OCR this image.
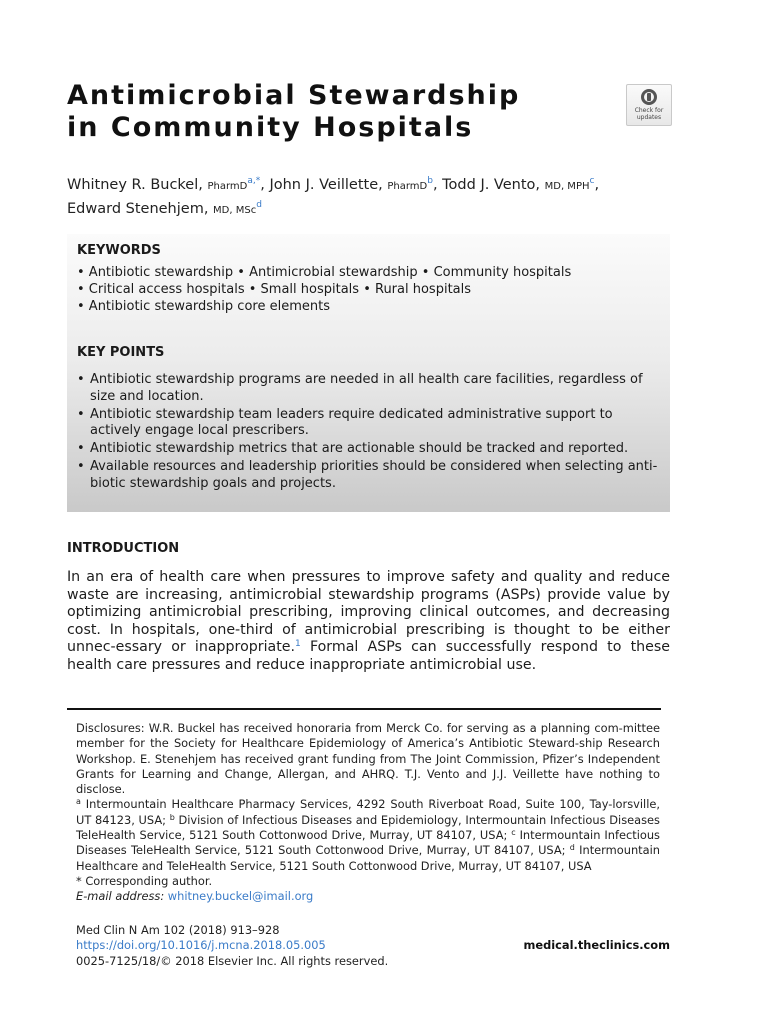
Antimicrobial Stewardship
in Community Hospitals
Check for
updates
Whitney R. Buckel, PharmD$^{a,*}$, John J. Veillette, PharmD$^b$, Todd J. Vento, MD, MPH$^c$,
Edward Stenehjem, MD, MSc$^d$
KEYWORDS
• Antibiotic stewardship • Antimicrobial stewardship • Community hospitals
• Critical access hospitals • Small hospitals • Rural hospitals
• Antibiotic stewardship core elements
KEY POINTS
• Antibiotic stewardship programs are needed in all health care facilities, regardless of size and location.
• Antibiotic stewardship team leaders require dedicated administrative support to actively engage local prescribers.
• Antibiotic stewardship metrics that are actionable should be tracked and reported.
• Available resources and leadership priorities should be considered when selecting anti-biotic stewardship goals and projects.
INTRODUCTION
In an era of health care when pressures to improve safety and quality and reduce waste are increasing, antimicrobial stewardship programs (ASPs) provide value by optimizing antimicrobial prescribing, improving clinical outcomes, and decreasing cost. In hospitals, one-third of antimicrobial prescribing is thought to be either unnec-essary or inappropriate.$^1$ Formal ASPs can successfully respond to these health care pressures and reduce inappropriate antimicrobial use.
Disclosures: W.R. Buckel has received honoraria from Merck Co. for serving as a planning com-mittee member for the Society for Healthcare Epidemiology of America’s Antibiotic Steward-ship Research Workshop. E. Stenehjem has received grant funding from The Joint Commission, Pfizer’s Independent Grants for Learning and Change, Allergan, and AHRQ. T.J. Vento and J.J. Veillette have nothing to disclose.
$^a$ Intermountain Healthcare Pharmacy Services, 4292 South Riverboat Road, Suite 100, Tay-lorsville, UT 84123, USA; $^b$ Division of Infectious Diseases and Epidemiology, Intermountain Infectious Diseases TeleHealth Service, 5121 South Cottonwood Drive, Murray, UT 84107, USA; $^c$ Intermountain Infectious Diseases TeleHealth Service, 5121 South Cottonwood Drive, Murray, UT 84107, USA; $^d$ Intermountain Healthcare and TeleHealth Service, 5121 South Cottonwood Drive, Murray, UT 84107, USA
* Corresponding author.
E-mail address: whitney.buckel@imail.org
Med Clin N Am 102 (2018) 913–928
https://doi.org/10.1016/j.mcna.2018.05.005
0025-7125/18/© 2018 Elsevier Inc. All rights reserved.
medical.theclinics.com
